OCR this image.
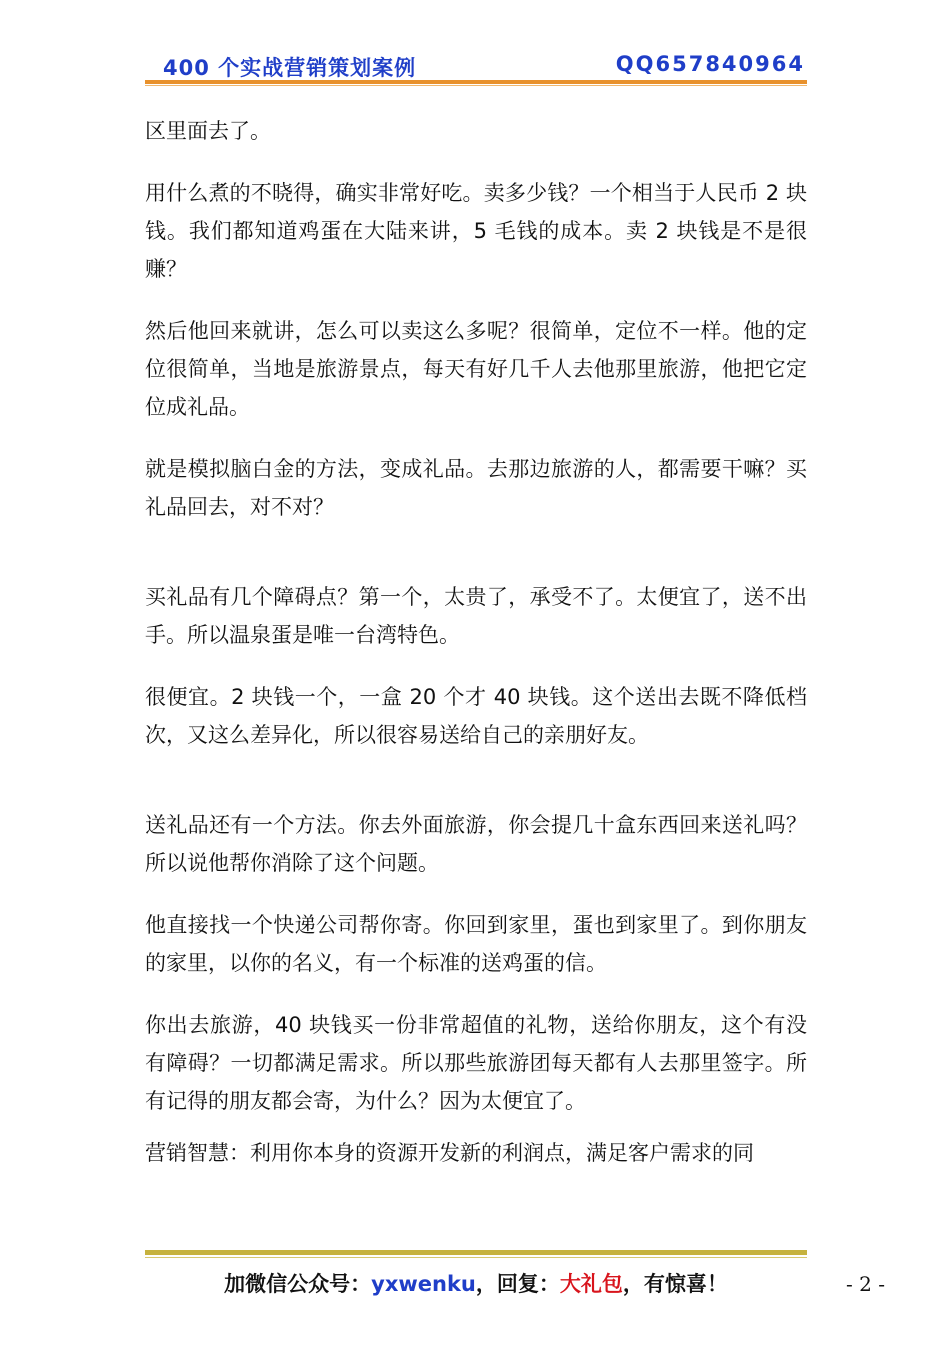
400 个实战营销策划案例	QQ657840964

区里面去了。

用什么煮的不晓得，确实非常好吃。卖多少钱？一个相当于人民币 2 块钱。我们都知道鸡蛋在大陆来讲，5 毛钱的成本。卖 2 块钱是不是很赚？

然后他回来就讲，怎么可以卖这么多呢？很简单，定位不一样。他的定位很简单，当地是旅游景点，每天有好几千人去他那里旅游，他把它定位成礼品。

就是模拟脑白金的方法，变成礼品。去那边旅游的人，都需要干嘛？买礼品回去，对不对？

买礼品有几个障碍点？第一个，太贵了，承受不了。太便宜了，送不出手。所以温泉蛋是唯一台湾特色。

很便宜。2 块钱一个，一盒 20 个才 40 块钱。这个送出去既不降低档次，又这么差异化，所以很容易送给自己的亲朋好友。

送礼品还有一个方法。你去外面旅游，你会提几十盒东西回来送礼吗？所以说他帮你消除了这个问题。

他直接找一个快递公司帮你寄。你回到家里，蛋也到家里了。到你朋友的家里，以你的名义，有一个标准的送鸡蛋的信。

你出去旅游，40 块钱买一份非常超值的礼物，送给你朋友，这个有没有障碍？一切都满足需求。所以那些旅游团每天都有人去那里签字。所有记得的朋友都会寄，为什么？因为太便宜了。

营销智慧：利用你本身的资源开发新的利润点，满足客户需求的同

加微信公众号：yxwenku，回复：大礼包，有惊喜！	- 2 -
